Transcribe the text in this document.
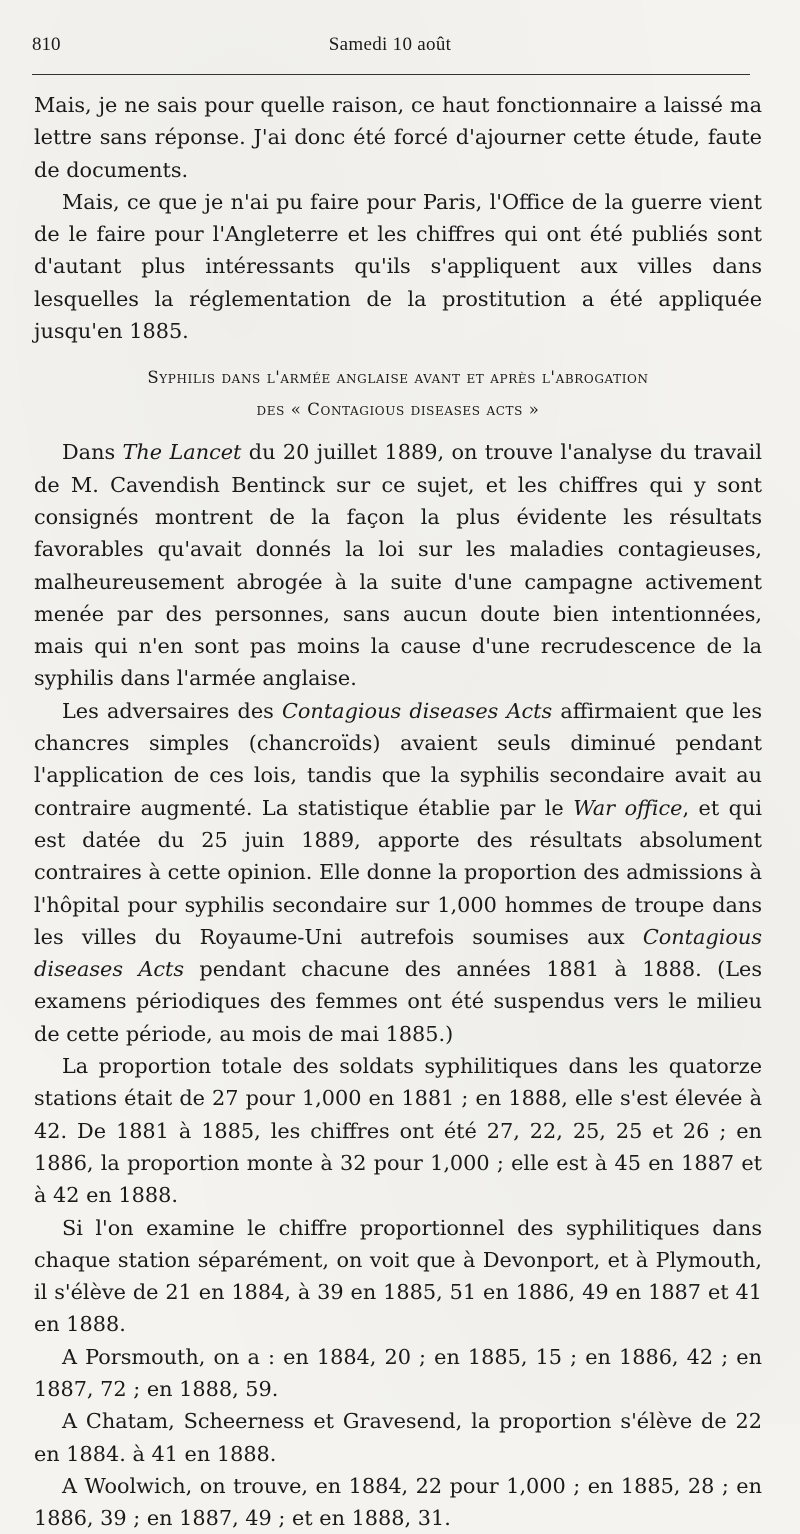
810	Samedi 10 août

Mais, je ne sais pour quelle raison, ce haut fonctionnaire a laissé ma lettre sans réponse. J'ai donc été forcé d'ajourner cette étude, faute de documents.

Mais, ce que je n'ai pu faire pour Paris, l'Office de la guerre vient de le faire pour l'Angleterre et les chiffres qui ont été publiés sont d'autant plus intéressants qu'ils s'appliquent aux villes dans lesquelles la réglementation de la prostitution a été appliquée jusqu'en 1885.

Syphilis dans l'armée anglaise avant et après l'abrogation
des « Contagious diseases acts »

Dans The Lancet du 20 juillet 1889, on trouve l'analyse du travail de M. Cavendish Bentinck sur ce sujet, et les chiffres qui y sont consignés montrent de la façon la plus évidente les résultats favorables qu'avait donnés la loi sur les maladies contagieuses, malheureusement abrogée à la suite d'une campagne activement menée par des personnes, sans aucun doute bien intentionnées, mais qui n'en sont pas moins la cause d'une recrudescence de la syphilis dans l'armée anglaise.

Les adversaires des Contagious diseases Acts affirmaient que les chancres simples (chancroïds) avaient seuls diminué pendant l'application de ces lois, tandis que la syphilis secondaire avait au contraire augmenté. La statistique établie par le War office, et qui est datée du 25 juin 1889, apporte des résultats absolument contraires à cette opinion. Elle donne la proportion des admissions à l'hôpital pour syphilis secondaire sur 1,000 hommes de troupe dans les villes du Royaume-Uni autrefois soumises aux Contagious diseases Acts pendant chacune des années 1881 à 1888. (Les examens périodiques des femmes ont été suspendus vers le milieu de cette période, au mois de mai 1885.)

La proportion totale des soldats syphilitiques dans les quatorze stations était de 27 pour 1,000 en 1881 ; en 1888, elle s'est élevée à 42. De 1881 à 1885, les chiffres ont été 27, 22, 25, 25 et 26 ; en 1886, la proportion monte à 32 pour 1,000 ; elle est à 45 en 1887 et à 42 en 1888.

Si l'on examine le chiffre proportionnel des syphilitiques dans chaque station séparément, on voit que à Devonport, et à Plymouth, il s'élève de 21 en 1884, à 39 en 1885, 51 en 1886, 49 en 1887 et 41 en 1888.

A Porsmouth, on a : en 1884, 20 ; en 1885, 15 ; en 1886, 42 ; en 1887, 72 ; en 1888, 59.

A Chatam, Scheerness et Gravesend, la proportion s'élève de 22 en 1884. à 41 en 1888.

A Woolwich, on trouve, en 1884, 22 pour 1,000 ; en 1885, 28 ; en 1886, 39 ; en 1887, 49 ; et en 1888, 31.
